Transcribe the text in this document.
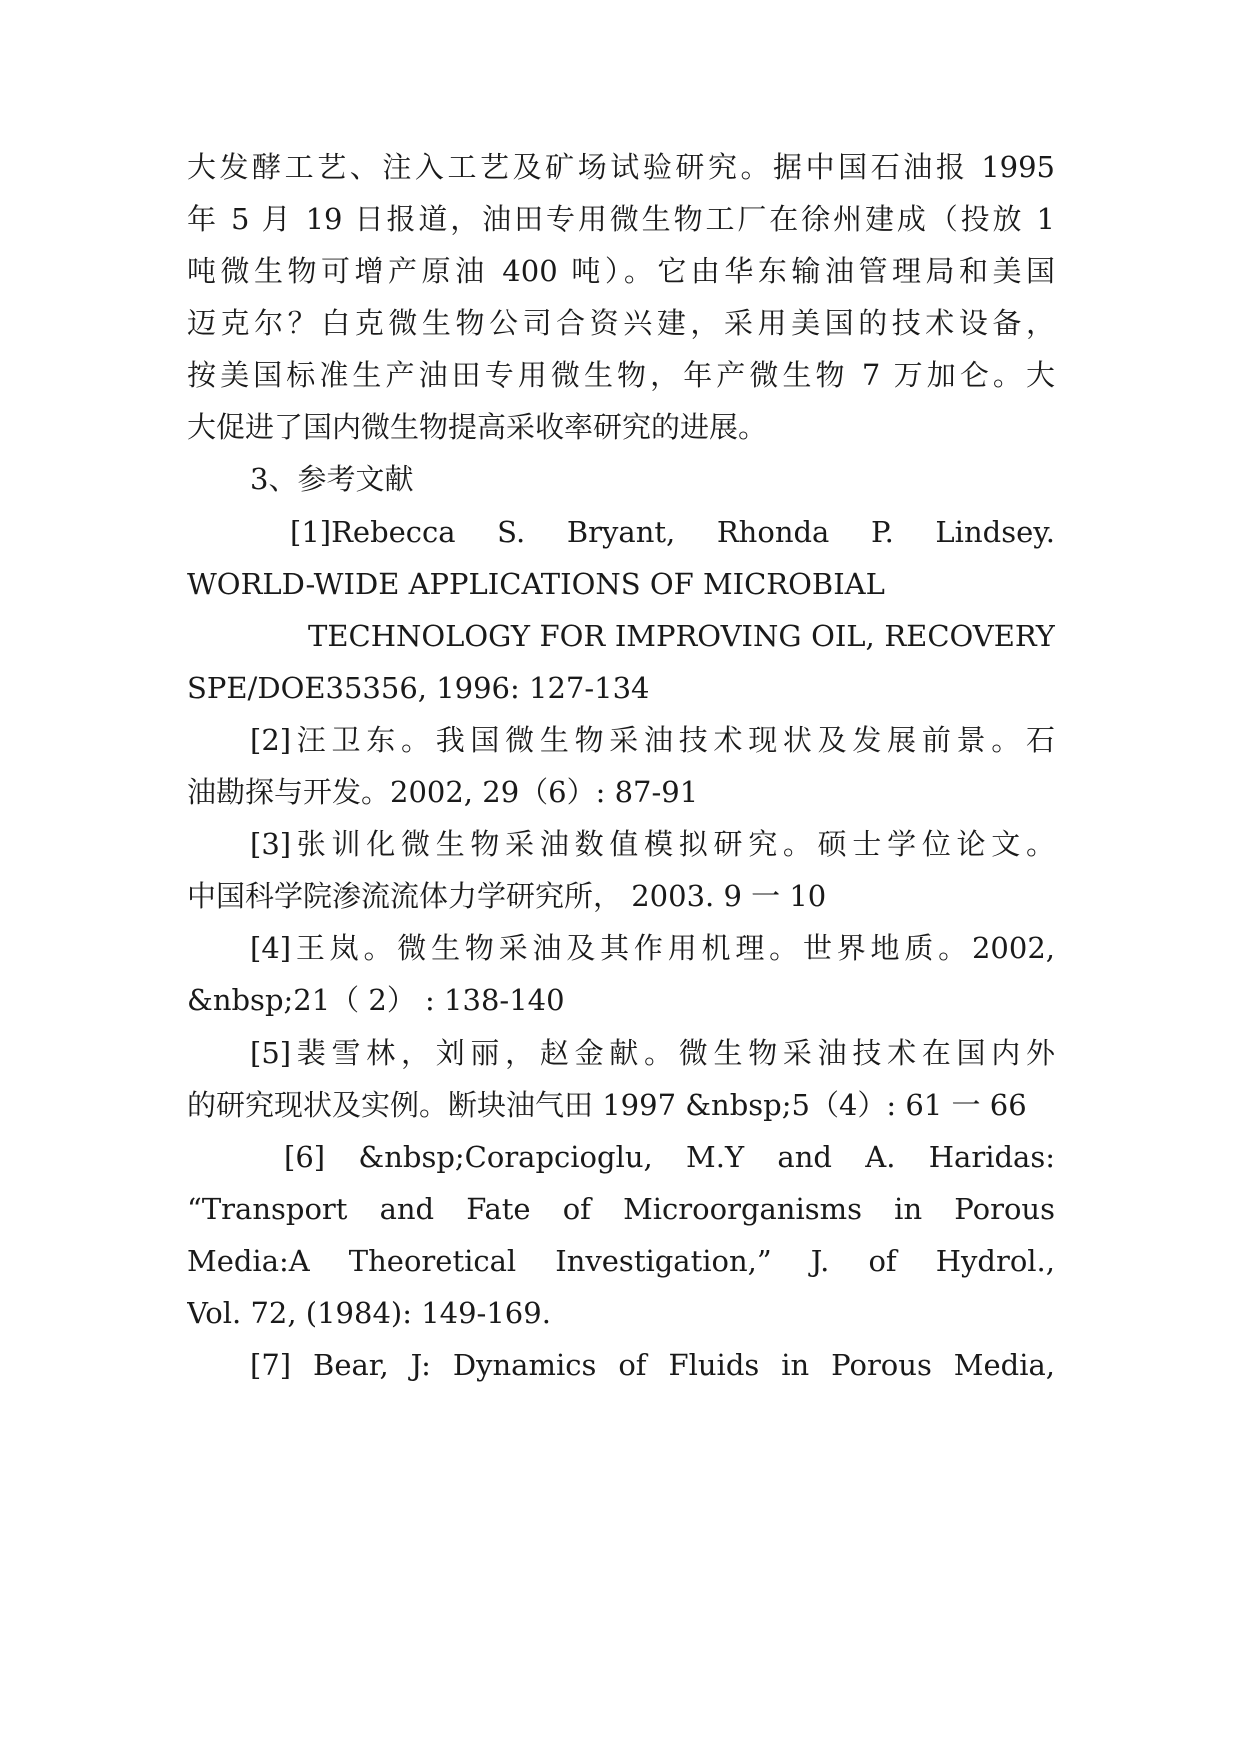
大发酵工艺、注入工艺及矿场试验研究。据中国石油报 1995
年 5 月 19 日报道，油田专用微生物工厂在徐州建成（投放 1
吨微生物可增产原油 400 吨）。它由华东输油管理局和美国
迈克尔？白克微生物公司合资兴建，采用美国的技术设备，
按美国标准生产油田专用微生物，年产微生物 7 万加仑。大
大促进了国内微生物提高采收率研究的进展。
3、参考文献
[1]Rebecca S. Bryant, Rhonda P. Lindsey.
WORLD-WIDE APPLICATIONS OF MICROBIAL
TECHNOLOGY FOR IMPROVING OIL, RECOVERY
SPE/DOE35356, 1996: 127-134
[2]汪卫东。我国微生物采油技术现状及发展前景。石
油勘探与开发。2002, 29（6）: 87-91
[3]张训化微生物采油数值模拟研究。硕士学位论文。
中国科学院渗流流体力学研究所， 2003. 9 一 10
[4]王岚。微生物采油及其作用机理。世界地质。2002,
&nbsp;21（ 2） : 138-140
[5]裴雪林，刘丽，赵金献。微生物采油技术在国内外
的研究现状及实例。断块油气田 1997 &nbsp;5（4）: 61 一 66
[6] &nbsp;Corapcioglu, M.Y and A. Haridas:
“Transport and Fate of Microorganisms in Porous
Media:A Theoretical Investigation,” J. of Hydrol.,
Vol. 72, (1984): 149-169.
[7] Bear, J: Dynamics of Fluids in Porous Media,
